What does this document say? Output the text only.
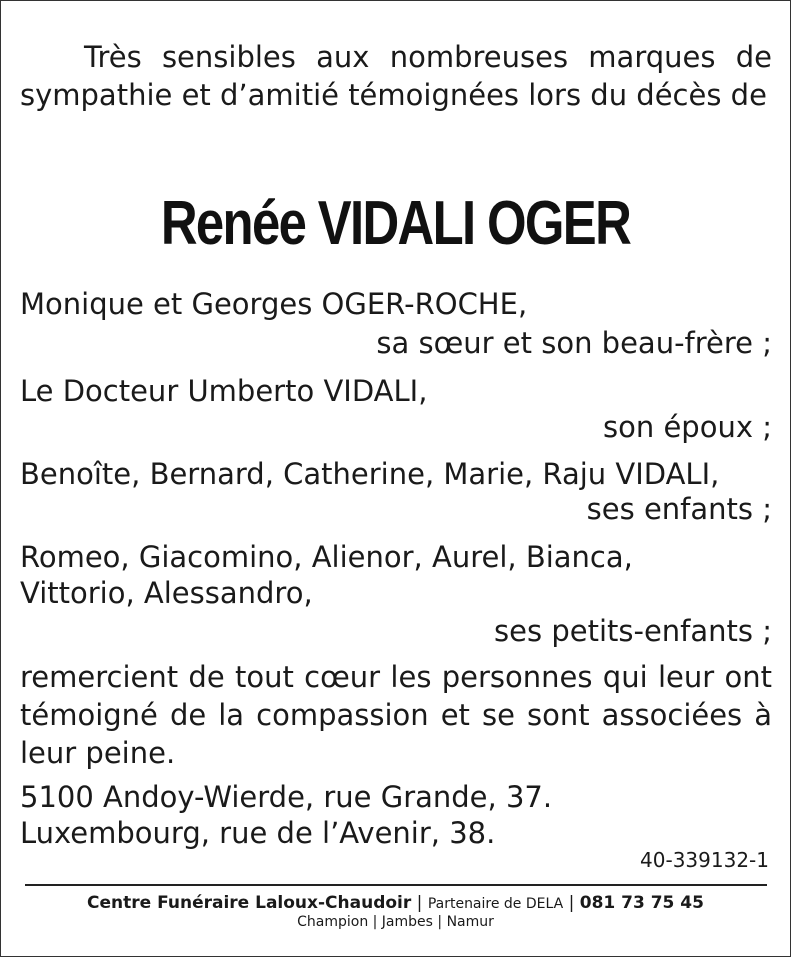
Très sensibles aux nombreuses marques de sympathie et d’amitié témoignées lors du décès de
Renée VIDALI OGER
Monique et Georges OGER-ROCHE,
sa sœur et son beau-frère ;
Le Docteur Umberto VIDALI,
son époux ;
Benoîte, Bernard, Catherine, Marie, Raju VIDALI,
ses enfants ;
Romeo, Giacomino, Alienor, Aurel, Bianca,
Vittorio, Alessandro,
ses petits-enfants ;
remercient de tout cœur les personnes qui leur ont témoigné de la compassion et se sont associées à leur peine.
5100 Andoy-Wierde, rue Grande, 37.
Luxembourg, rue de l’Avenir, 38.
40-339132-1
Centre Funéraire Laloux-Chaudoir | Partenaire de DELA | 081 73 75 45
Champion | Jambes | Namur
